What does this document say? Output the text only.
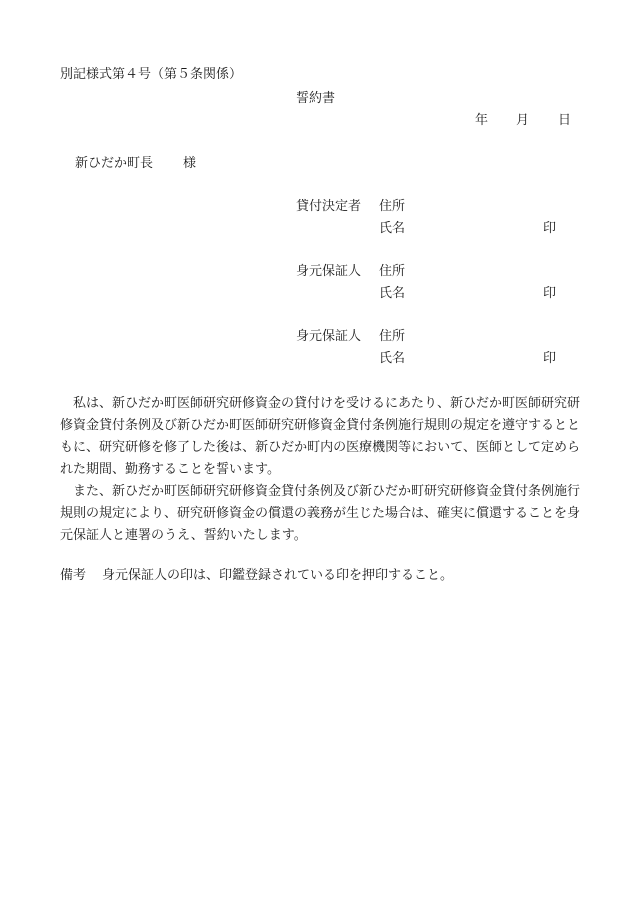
別記様式第４号（第５条関係）
誓約書
年 月 日
新ひだか町長 様
貸付決定者 住所
氏名	印
身元保証人 住所
氏名	印
身元保証人 住所
氏名	印

私は、新ひだか町医師研究研修資金の貸付けを受けるにあたり、新ひだか町医師研究研修資金貸付条例及び新ひだか町医師研究研修資金貸付条例施行規則の規定を遵守するとともに、研究研修を修了した後は、新ひだか町内の医療機関等において、医師として定められた期間、勤務することを誓います。

また、新ひだか町医師研究研修資金貸付条例及び新ひだか町研究研修資金貸付条例施行規則の規定により、研究研修資金の償還の義務が生じた場合は、確実に償還することを身元保証人と連署のうえ、誓約いたします。

備考 身元保証人の印は、印鑑登録されている印を押印すること。
